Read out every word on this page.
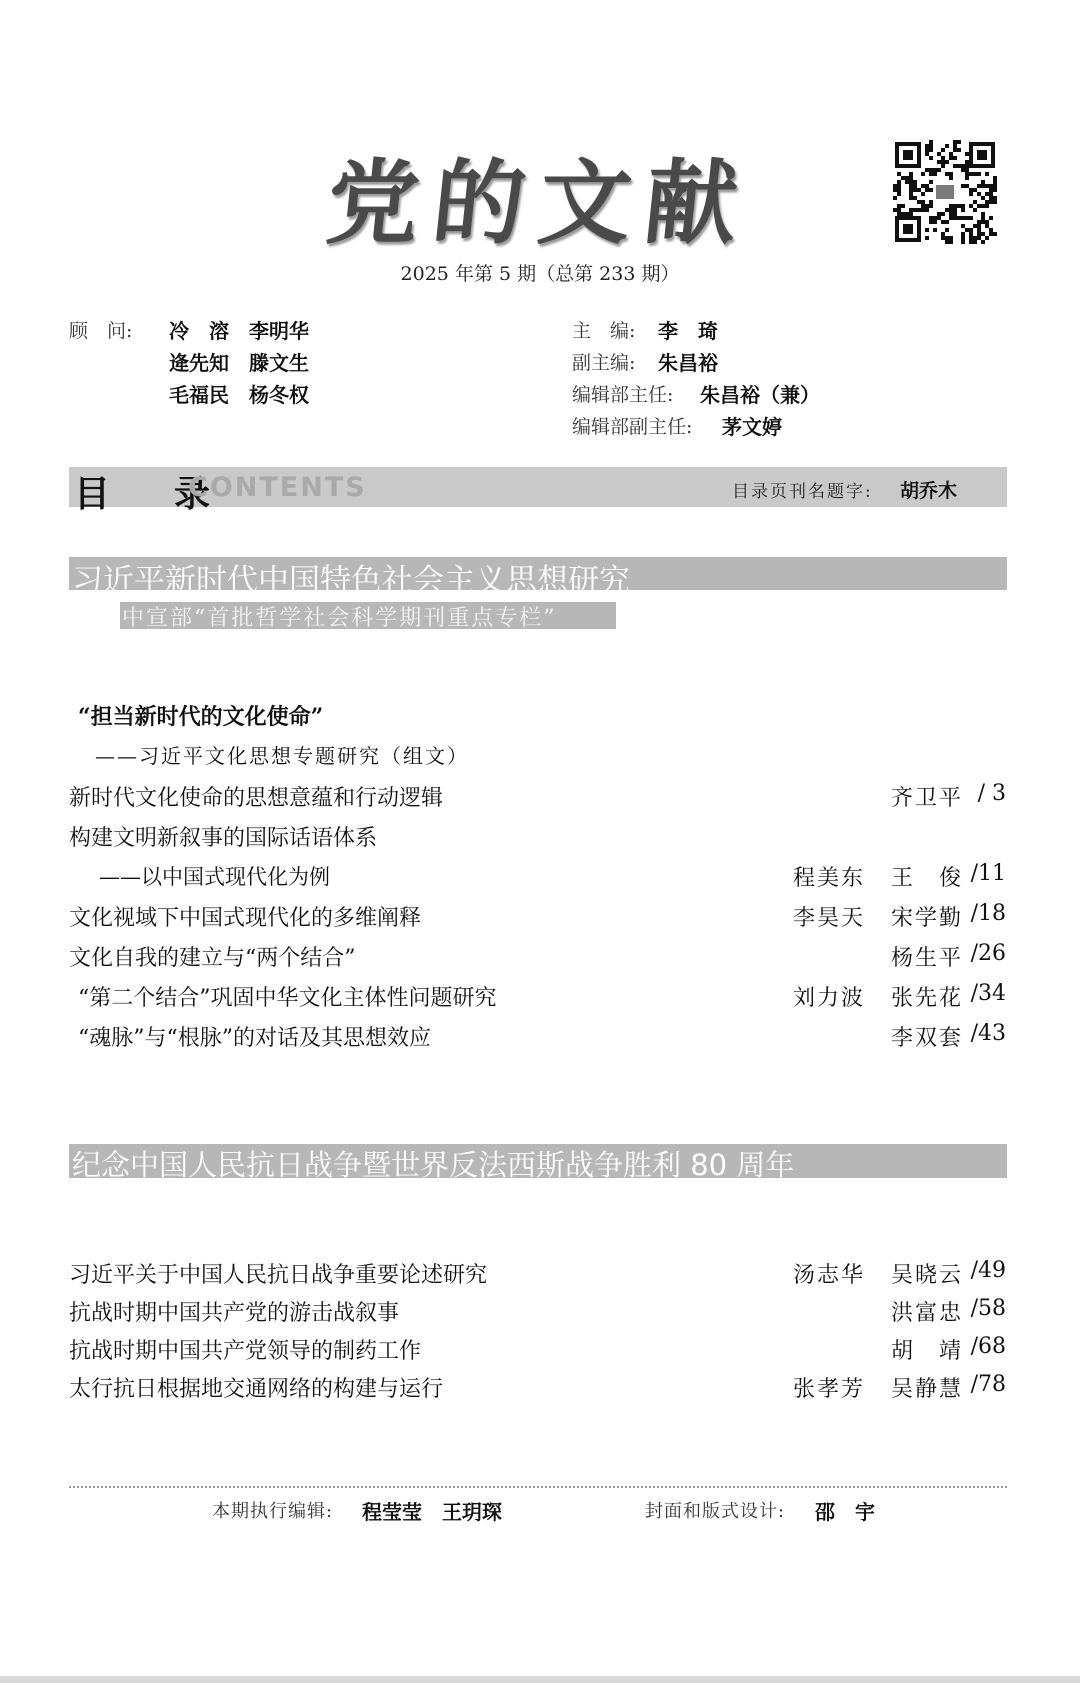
党的文献
2025 年第 5 期（总第 233 期）
顾　问: 冷　溶　李明华
逄先知　滕文生
毛福民　杨冬权
主　编: 李　琦
副主编: 朱昌裕
编辑部主任: 朱昌裕（兼）
编辑部副主任: 茅文婷
目　录
CONTENTS	目录页刊名题字: 胡乔木
习近平新时代中国特色社会主义思想研究
中宣部“首批哲学社会科学期刊重点专栏”
“担当新时代的文化使命”
——习近平文化思想专题研究（组文）
新时代文化使命的思想意蕴和行动逻辑	齐卫平 / 3
构建文明新叙事的国际话语体系
　——以中国式现代化为例	程美东 王　俊 /11
文化视域下中国式现代化的多维阐释	李昊天 宋学勤 /18
文化自我的建立与“两个结合”	杨生平 /26
“第二个结合”巩固中华文化主体性问题研究	刘力波 张先花 /34
“魂脉”与“根脉”的对话及其思想效应	李双套 /43
纪念中国人民抗日战争暨世界反法西斯战争胜利 80 周年
习近平关于中国人民抗日战争重要论述研究	汤志华 吴晓云 /49
抗战时期中国共产党的游击战叙事	洪富忠 /58
抗战时期中国共产党领导的制药工作	胡　靖 /68
太行抗日根据地交通网络的构建与运行	张孝芳 吴静慧 /78
本期执行编辑: 程莹莹　王玥琛	封面和版式设计: 邵　宇
